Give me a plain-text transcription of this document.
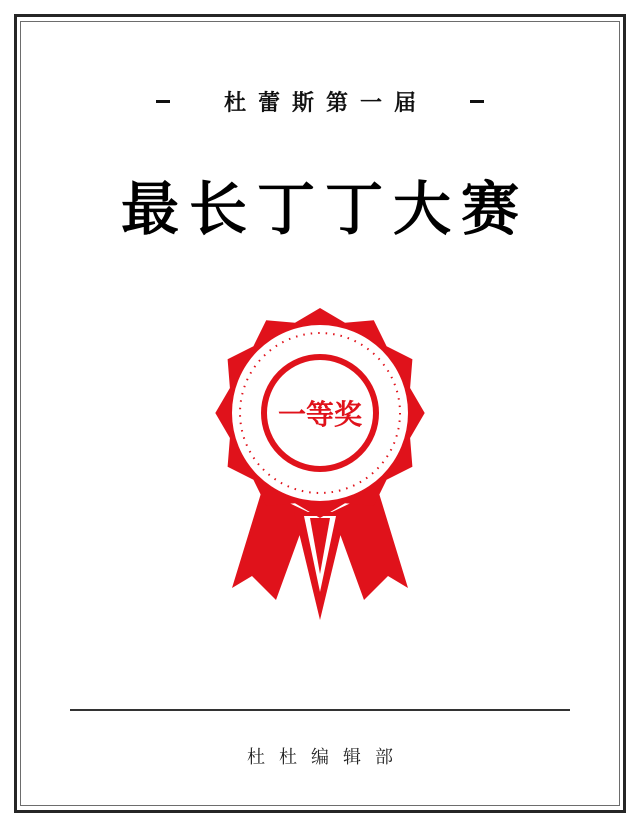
杜蕾斯第一届
最长丁丁大赛
一等奖
杜杜编辑部
